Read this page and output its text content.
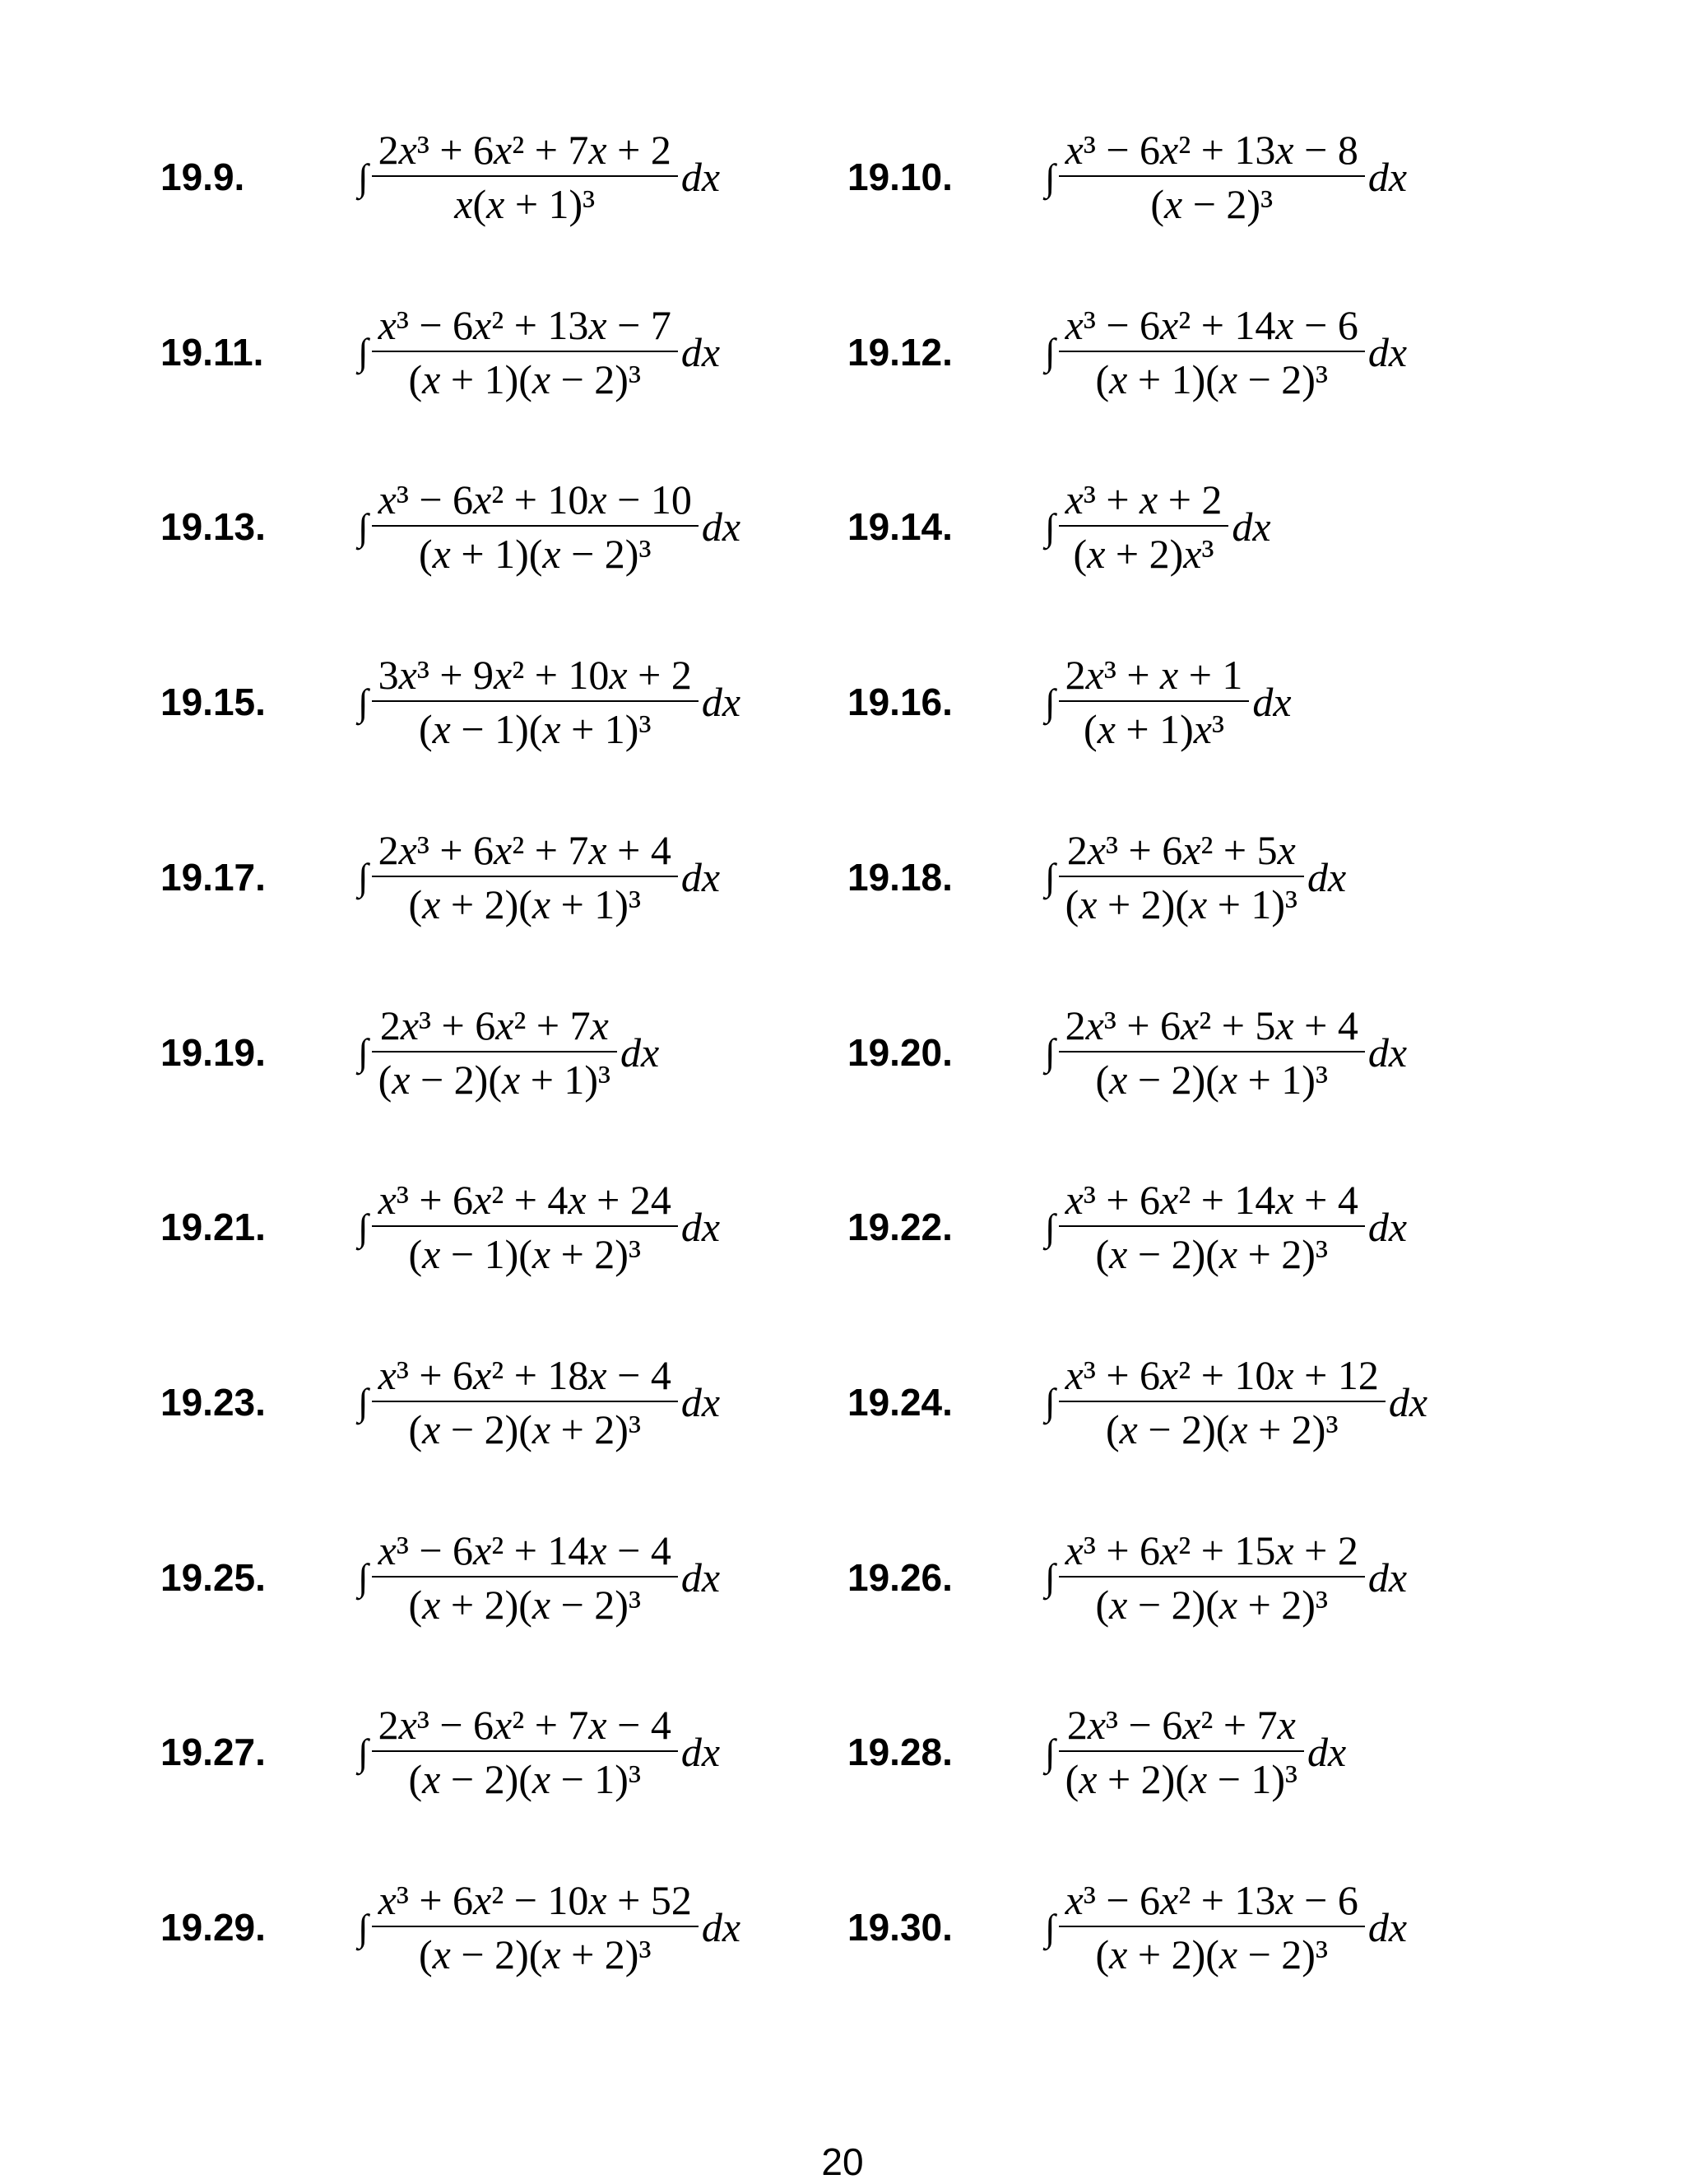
19.9.	∫ $\frac{\text{2x³ + 6x² + 7x + 2}}{\text{x(x + 1)³}}$ dx	19.10.	∫ $\frac{\text{x³ − 6x² + 13x − 8}}{\text{(x − 2)³}}$ dx
19.11.	∫ $\frac{\text{x³ − 6x² + 13x − 7}}{\text{(x + 1)(x − 2)³}}$ dx	19.12.	∫ $\frac{\text{x³ − 6x² + 14x − 6}}{\text{(x + 1)(x − 2)³}}$ dx
19.13.	∫ $\frac{\text{x³ − 6x² + 10x − 10}}{\text{(x + 1)(x − 2)³}}$ dx	19.14.	∫ $\frac{\text{x³ + x + 2}}{\text{(x + 2)x³}}$ dx
19.15.	∫ $\frac{\text{3x³ + 9x² + 10x + 2}}{\text{(x − 1)(x + 1)³}}$ dx	19.16.	∫ $\frac{\text{2x³ + x + 1}}{\text{(x + 1)x³}}$ dx
19.17.	∫ $\frac{\text{2x³ + 6x² + 7x + 4}}{\text{(x + 2)(x + 1)³}}$ dx	19.18.	∫ $\frac{\text{2x³ + 6x² + 5x}}{\text{(x + 2)(x + 1)³}}$ dx
19.19.	∫ $\frac{\text{2x³ + 6x² + 7x}}{\text{(x − 2)(x + 1)³}}$ dx	19.20.	∫ $\frac{\text{2x³ + 6x² + 5x + 4}}{\text{(x − 2)(x + 1)³}}$ dx
19.21.	∫ $\frac{\text{x³ + 6x² + 4x + 24}}{\text{(x − 1)(x + 2)³}}$ dx	19.22.	∫ $\frac{\text{x³ + 6x² + 14x + 4}}{\text{(x − 2)(x + 2)³}}$ dx
19.23.	∫ $\frac{\text{x³ + 6x² + 18x − 4}}{\text{(x − 2)(x + 2)³}}$ dx	19.24.	∫ $\frac{\text{x³ + 6x² + 10x + 12}}{\text{(x − 2)(x + 2)³}}$ dx
19.25.	∫ $\frac{\text{x³ − 6x² + 14x − 4}}{\text{(x + 2)(x − 2)³}}$ dx	19.26.	∫ $\frac{\text{x³ + 6x² + 15x + 2}}{\text{(x − 2)(x + 2)³}}$ dx
19.27.	∫ $\frac{\text{2x³ − 6x² + 7x − 4}}{\text{(x − 2)(x − 1)³}}$ dx	19.28.	∫ $\frac{\text{2x³ − 6x² + 7x}}{\text{(x + 2)(x − 1)³}}$ dx
19.29.	∫ $\frac{\text{x³ + 6x² − 10x + 52}}{\text{(x − 2)(x + 2)³}}$ dx	19.30.	∫ $\frac{\text{x³ − 6x² + 13x − 6}}{\text{(x + 2)(x − 2)³}}$ dx
20
